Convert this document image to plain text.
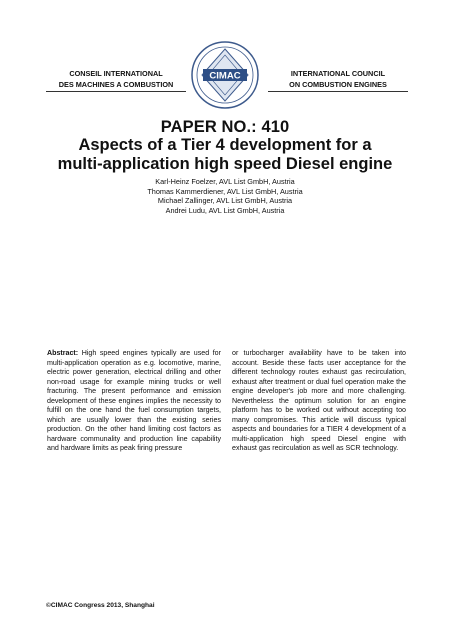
CONSEIL INTERNATIONAL
DES MACHINES A COMBUSTION
CIMAC	INTERNATIONAL COUNCIL
ON COMBUSTION ENGINES
PAPER NO.: 410
Aspects of a Tier 4 development for a
multi-application high speed Diesel engine
Karl-Heinz Foelzer, AVL List GmbH, Austria
Thomas Kammerdiener, AVL List GmbH, Austria
Michael Zallinger, AVL List GmbH, Austria
Andrei Ludu, AVL List GmbH, Austria
Abstract: High speed engines typically are used for multi-application operation as e.g. locomotive, marine, electric power generation, electrical drilling and other non-road usage for example mining trucks or well fracturing. The present performance and emission development of these engines implies the necessity to fulfill on the one hand the fuel consumption targets, which are usually lower than the existing series production. On the other hand limiting cost factors as hardware communality and production line capability and hardware limits as peak firing pressure
or turbocharger availability have to be taken into account. Beside these facts user acceptance for the different technology routes exhaust gas recirculation, exhaust after treatment or dual fuel operation make the engine developer's job more and more challenging. Nevertheless the optimum solution for an engine platform has to be worked out without accepting too many compromises. This article will discuss typical aspects and boundaries for a TIER 4 development of a multi-application high speed Diesel engine with exhaust gas recirculation as well as SCR technology.
©CIMAC Congress 2013, Shanghai
